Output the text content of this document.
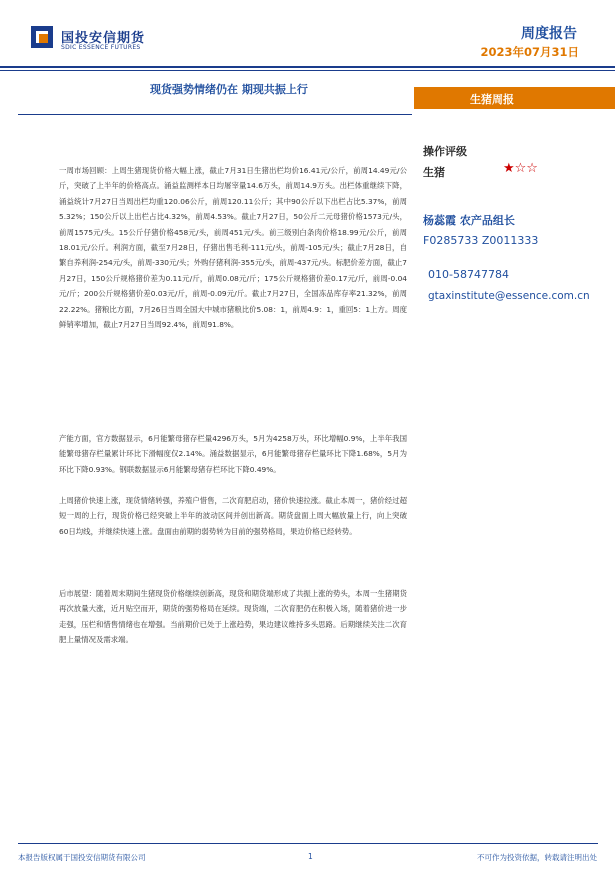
国投安信期货
SDIC ESSENCE FUTURES
周度报告
2023年07月31日
现货强势情绪仍在 期现共振上行
生猪周报
操作评级
生猪	★☆☆
杨蕊霞 农产品组长
F0285733 Z0011333
010-58747784
gtaxinstitute@essence.com.cn
一周市场回顾：上周生猪现货价格大幅上涨，截止7月31日生猪出栏均价16.41元/公斤，前周14.49元/公斤，突破了上半年的价格高点。涌益监测样本日均屠宰量14.6万头，前周14.9万头。出栏体重继续下降，涌益统计7月27日当周出栏均重120.06公斤，前周120.11公斤；其中90公斤以下出栏占比5.37%，前周5.32%；150公斤以上出栏占比4.32%，前周4.53%。截止7月27日，50公斤二元母猪价格1573元/头，前周1575元/头。15公斤仔猪价格458元/头，前周451元/头。前三级别白条肉价格18.99元/公斤，前周18.01元/公斤。利润方面，截至7月28日，仔猪出售毛利-111元/头，前周-105元/头；截止7月28日，自繁自养利润-254元/头，前周-330元/头；外购仔猪利润-355元/头，前周-437元/头。标肥价差方面，截止7月27日，150公斤规格猪价差为0.11元/斤，前周0.08元/斤；175公斤规格猪价差0.17元/斤，前周-0.04元/斤；200公斤规格猪价差0.03元/斤，前周-0.09元/斤。截止7月27日，全国冻品库存率21.32%，前周22.22%。猪粮比方面，7月26日当周全国大中城市猪粮比价5.08：1，前周4.9：1，重回5：1上方。周度鲜销率增加，截止7月27日当周92.4%，前周91.8%。
产能方面，官方数据显示，6月能繁母猪存栏量4296万头，5月为4258万头，环比增幅0.9%，上半年我国能繁母猪存栏量累计环比下滑幅度仅2.14%。涌益数据显示，6月能繁母猪存栏量环比下降1.68%，5月为环比下降0.93%。钢联数据显示6月能繁母猪存栏环比下降0.49%。
上周猪价快速上涨，现货情绪转强，养殖户惜售，二次育肥启动，猪价快速拉涨。截止本周一，猪价经过超短一周的上行，现货价格已经突破上半年的波动区间并创出新高。期货盘面上周大幅放量上行，向上突破60日均线，并继续快速上涨。盘面由前期的弱势转为目前的强势格局，果边价格已经转势。
后市展望：随着周末期间生猪现货价格继续创新高，现货和期货端形成了共振上涨的势头，本周一生猪期货再次放量大涨，近月贴空而开，期货的强势格局在延续。现货端，二次育肥仍在积极入场，随着猪价进一步走强，压栏和惜售情绪也在增强。当前期价已处于上涨趋势，果边建议维持多头思路。后期继续关注二次育肥上量情况及需求端。
本报告版权属于国投安信期货有限公司	1	不可作为投资依据，转载请注明出处
